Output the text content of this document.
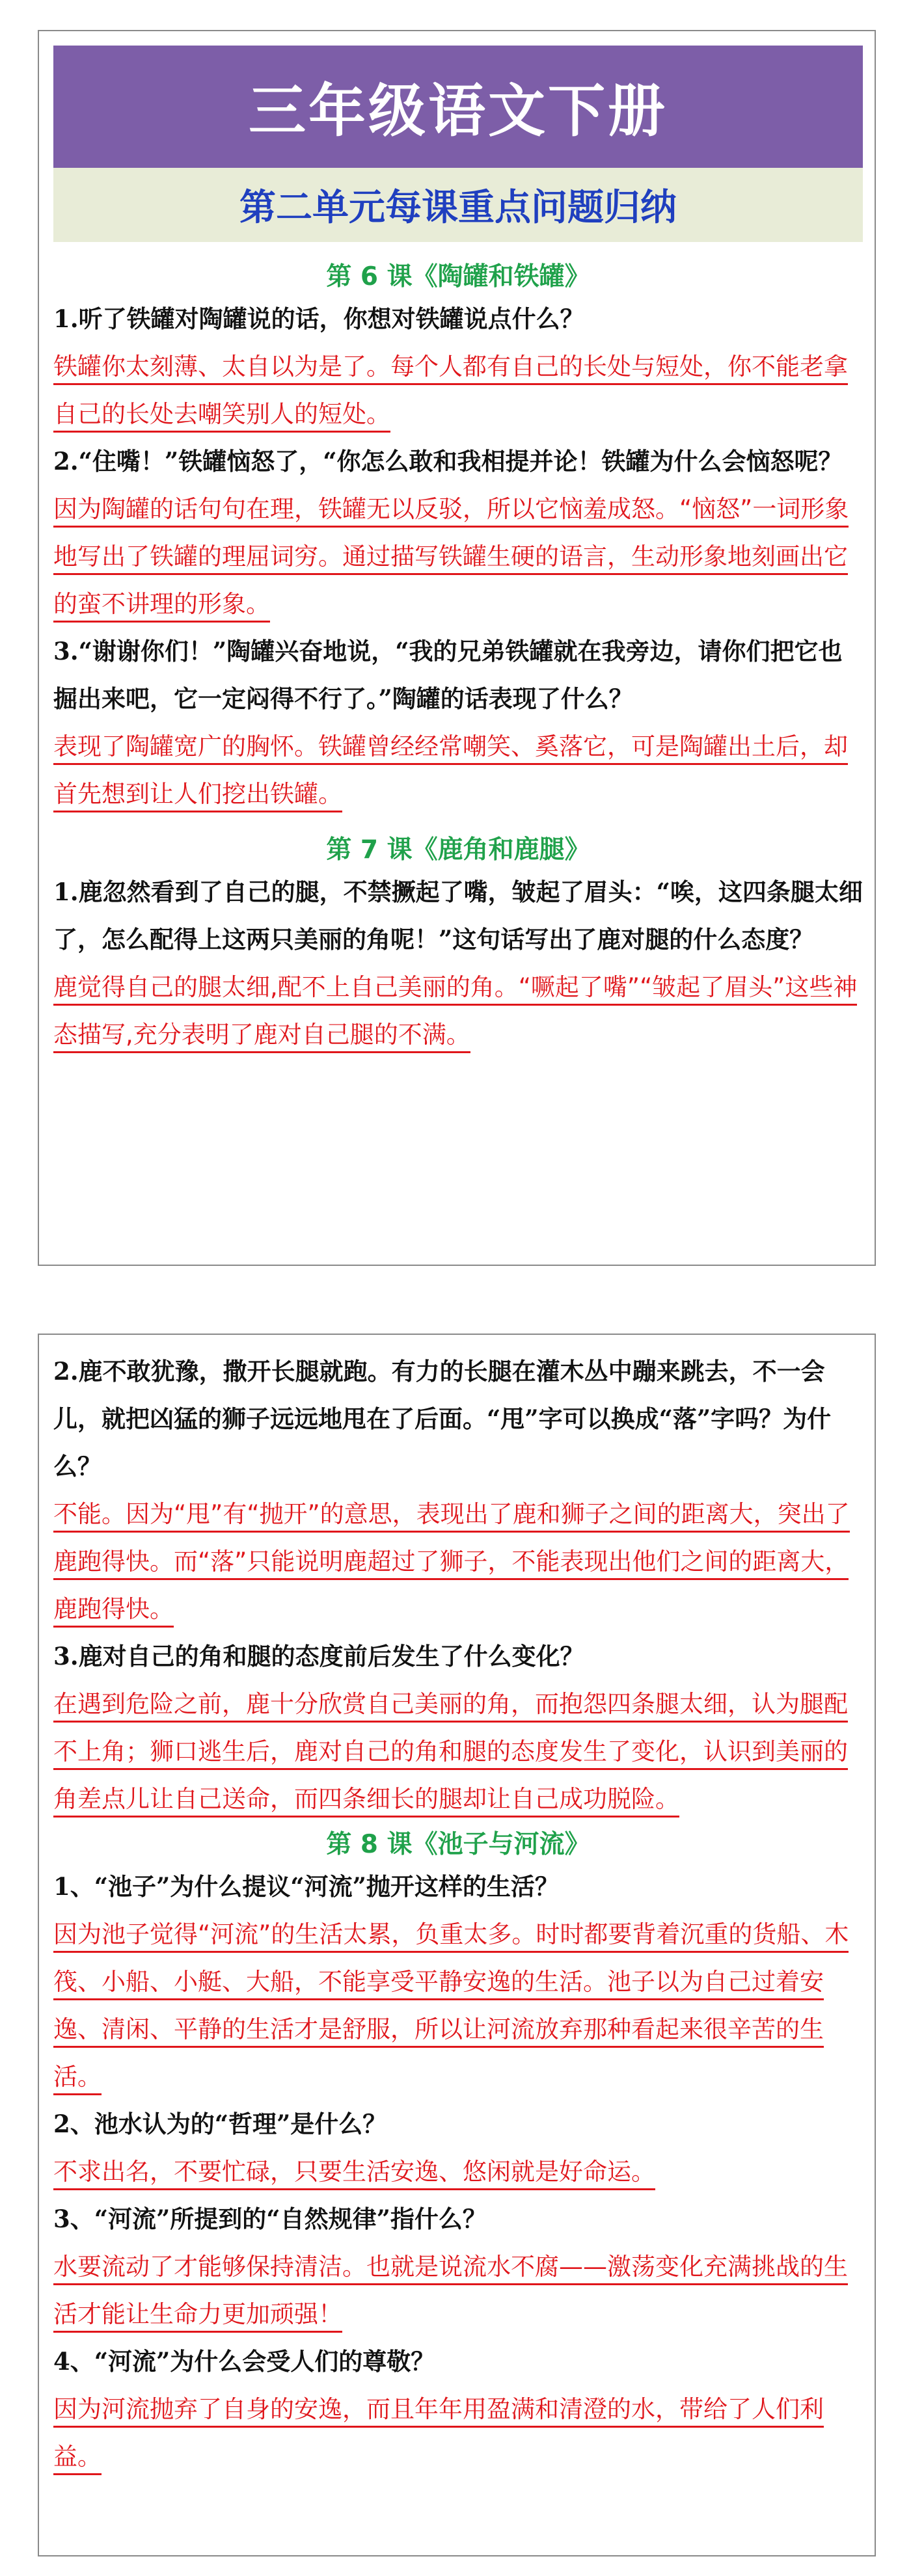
三年级语文下册
第二单元每课重点问题归纳
第 6 课《陶罐和铁罐》

1.听了铁罐对陶罐说的话，你想对铁罐说点什么？

铁罐你太刻薄、太自以为是了。每个人都有自己的长处与短处，你不能老拿自己的长处去嘲笑别人的短处。

2.“住嘴！”铁罐恼怒了，“你怎么敢和我相提并论！铁罐为什么会恼怒呢？

因为陶罐的话句句在理，铁罐无以反驳，所以它恼羞成怒。“恼怒”一词形象地写出了铁罐的理屈词穷。通过描写铁罐生硬的语言，生动形象地刻画出它的蛮不讲理的形象。

3.“谢谢你们！”陶罐兴奋地说，“我的兄弟铁罐就在我旁边，请你们把它也掘出来吧，它一定闷得不行了。”陶罐的话表现了什么？

表现了陶罐宽广的胸怀。铁罐曾经经常嘲笑、奚落它，可是陶罐出土后，却首先想到让人们挖出铁罐。

第 7 课《鹿角和鹿腿》

1.鹿忽然看到了自己的腿，不禁撅起了嘴，皱起了眉头：“唉，这四条腿太细了，怎么配得上这两只美丽的角呢！”这句话写出了鹿对腿的什么态度？

鹿觉得自己的腿太细,配不上自己美丽的角。“噘起了嘴”“皱起了眉头”这些神态描写,充分表明了鹿对自己腿的不满。

2.鹿不敢犹豫，撒开长腿就跑。有力的长腿在灌木丛中蹦来跳去，不一会儿，就把凶猛的狮子远远地甩在了后面。“甩”字可以换成“落”字吗？为什么？

不能。因为“甩”有“抛开”的意思，表现出了鹿和狮子之间的距离大，突出了鹿跑得快。而“落”只能说明鹿超过了狮子，不能表现出他们之间的距离大，鹿跑得快。

3.鹿对自己的角和腿的态度前后发生了什么变化？

在遇到危险之前，鹿十分欣赏自己美丽的角，而抱怨四条腿太细，认为腿配不上角；狮口逃生后，鹿对自己的角和腿的态度发生了变化，认识到美丽的角差点儿让自己送命，而四条细长的腿却让自己成功脱险。

第 8 课《池子与河流》

1、“池子”为什么提议“河流”抛开这样的生活？

因为池子觉得“河流”的生活太累，负重太多。时时都要背着沉重的货船、木筏、小船、小艇、大船，不能享受平静安逸的生活。池子以为自己过着安逸、清闲、平静的生活才是舒服，所以让河流放弃那种看起来很辛苦的生活。

2、池水认为的“哲理”是什么？

不求出名，不要忙碌，只要生活安逸、悠闲就是好命运。

3、“河流”所提到的“自然规律”指什么？

水要流动了才能够保持清洁。也就是说流水不腐——激荡变化充满挑战的生活才能让生命力更加顽强！

4、“河流”为什么会受人们的尊敬？

因为河流抛弃了自身的安逸，而且年年用盈满和清澄的水，带给了人们利益。
